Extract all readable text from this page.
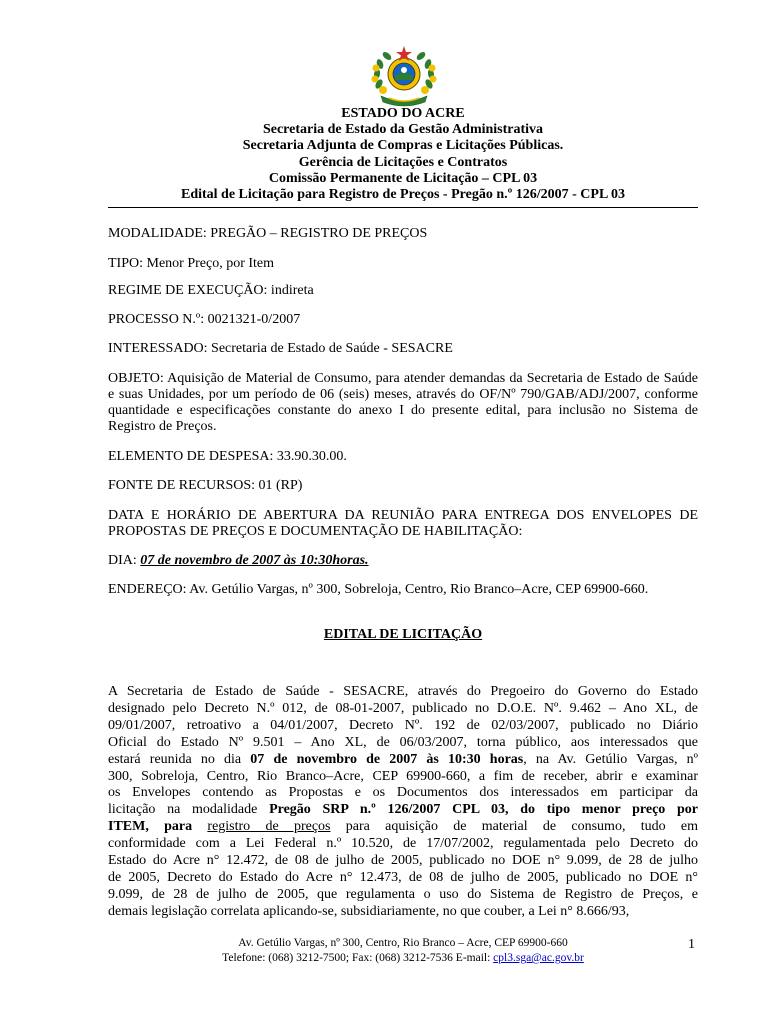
ESTADO DO ACRE
Secretaria de Estado da Gestão Administrativa
Secretaria Adjunta de Compras e Licitações Públicas.
Gerência de Licitações e Contratos
Comissão Permanente de Licitação – CPL 03
Edital de Licitação para Registro de Preços - Pregão n.º 126/2007 - CPL 03
MODALIDADE: PREGÃO – REGISTRO DE PREÇOS
TIPO: Menor Preço, por Item
REGIME DE EXECUÇÃO: indireta
PROCESSO N.º: 0021321-0/2007
INTERESSADO: Secretaria de Estado de Saúde - SESACRE
OBJETO: Aquisição de Material de Consumo, para atender demandas da Secretaria de Estado de Saúde e suas Unidades, por um período de 06 (seis) meses, através do OF/Nº 790/GAB/ADJ/2007, conforme quantidade e especificações constante do anexo I do presente edital, para inclusão no Sistema de Registro de Preços.
ELEMENTO DE DESPESA: 33.90.30.00.
FONTE DE RECURSOS: 01 (RP)
DATA E HORÁRIO DE ABERTURA DA REUNIÃO PARA ENTREGA DOS ENVELOPES DE PROPOSTAS DE PREÇOS E DOCUMENTAÇÃO DE HABILITAÇÃO:
DIA: 07 de novembro de 2007 às 10:30horas.
ENDEREÇO: Av. Getúlio Vargas, nº 300, Sobreloja, Centro, Rio Branco–Acre, CEP 69900-660.
EDITAL DE LICITAÇÃO
A Secretaria de Estado de Saúde - SESACRE, através do Pregoeiro do Governo do Estado
designado pelo Decreto N.º 012, de 08-01-2007, publicado no D.O.E. Nº. 9.462 – Ano XL, de
09/01/2007, retroativo a 04/01/2007, Decreto Nº. 192 de 02/03/2007, publicado no Diário
Oficial do Estado Nº 9.501 – Ano XL, de 06/03/2007, torna público, aos interessados que
estará reunida no dia 07 de novembro de 2007 às 10:30 horas, na Av. Getúlio Vargas, nº
300, Sobreloja, Centro, Rio Branco–Acre, CEP 69900-660, a fim de receber, abrir e examinar
os Envelopes contendo as Propostas e os Documentos dos interessados em participar da
licitação na modalidade Pregão SRP n.º 126/2007 CPL 03, do tipo menor preço por
ITEM, para registro de preços para aquisição de material de consumo, tudo em
conformidade com a Lei Federal n.º 10.520, de 17/07/2002, regulamentada pelo Decreto do
Estado do Acre n° 12.472, de 08 de julho de 2005, publicado no DOE n° 9.099, de 28 de julho
de 2005, Decreto do Estado do Acre n° 12.473, de 08 de julho de 2005, publicado no DOE n°
9.099, de 28 de julho de 2005, que regulamenta o uso do Sistema de Registro de Preços, e
demais legislação correlata aplicando-se, subsidiariamente, no que couber, a Lei n° 8.666/93,
Av. Getúlio Vargas, nº 300, Centro, Rio Branco – Acre, CEP 69900-660
Telefone: (068) 3212-7500; Fax: (068) 3212-7536 E-mail: cpl3.sga@ac.gov.br
1
